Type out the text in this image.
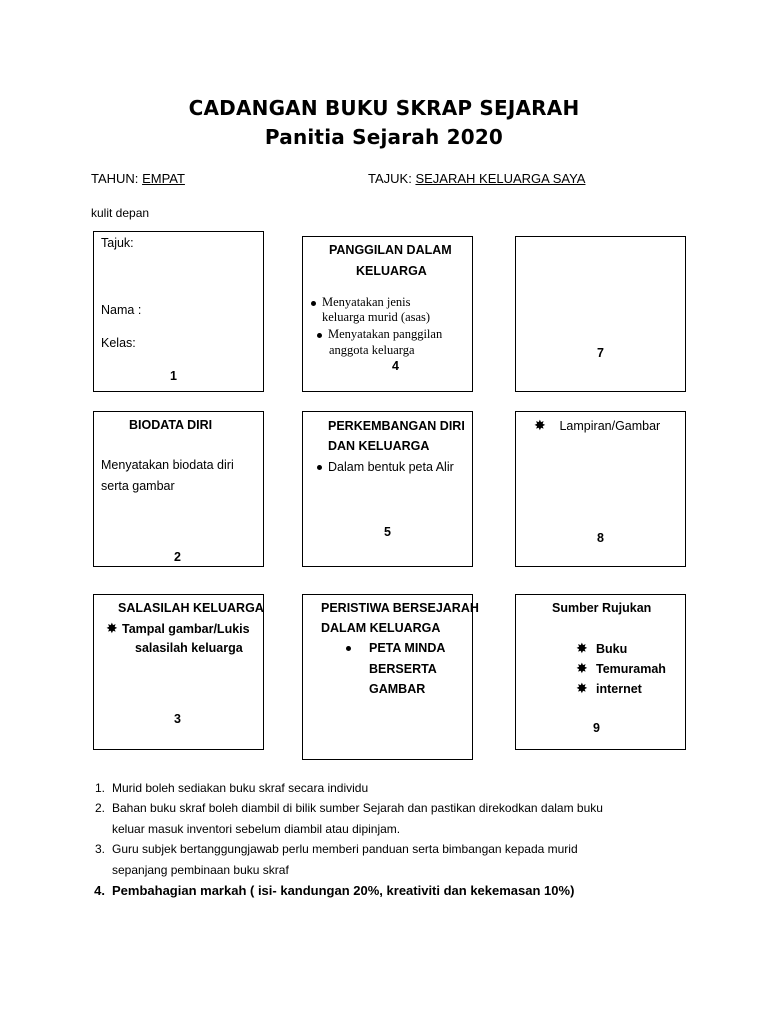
CADANGAN BUKU SKRAP SEJARAH
Panitia Sejarah 2020
TAHUN: EMPAT	TAJUK: SEJARAH KELUARGA SAYA
kulit depan
Tajuk:
Nama :
Kelas:
1
PANGGILAN DALAM
KELUARGA
Menyatakan jenis
keluarga murid (asas)
Menyatakan panggilan
anggota keluarga
4
7
BIODATA DIRI
Menyatakan biodata diri
serta gambar
2
PERKEMBANGAN DIRI
DAN KELUARGA
Dalam bentuk peta Alir
5
✸ Lampiran/Gambar
8
SALASILAH KELUARGA
✸ Tampal gambar/Lukis
salasilah keluarga
3
PERISTIWA BERSEJARAH
DALAM KELUARGA
PETA MINDA
BERSERTA
GAMBAR
Sumber Rujukan
✸ Buku
✸ Temuramah
✸ internet
9
1. Murid boleh sediakan buku skraf secara individu
2. Bahan buku skraf boleh diambil di bilik sumber Sejarah dan pastikan direkodkan dalam buku
keluar masuk inventori sebelum diambil atau dipinjam.
3. Guru subjek bertanggungjawab perlu memberi panduan serta bimbangan kepada murid
sepanjang pembinaan buku skraf
4. Pembahagian markah ( isi- kandungan 20%, kreativiti dan kekemasan 10%)
